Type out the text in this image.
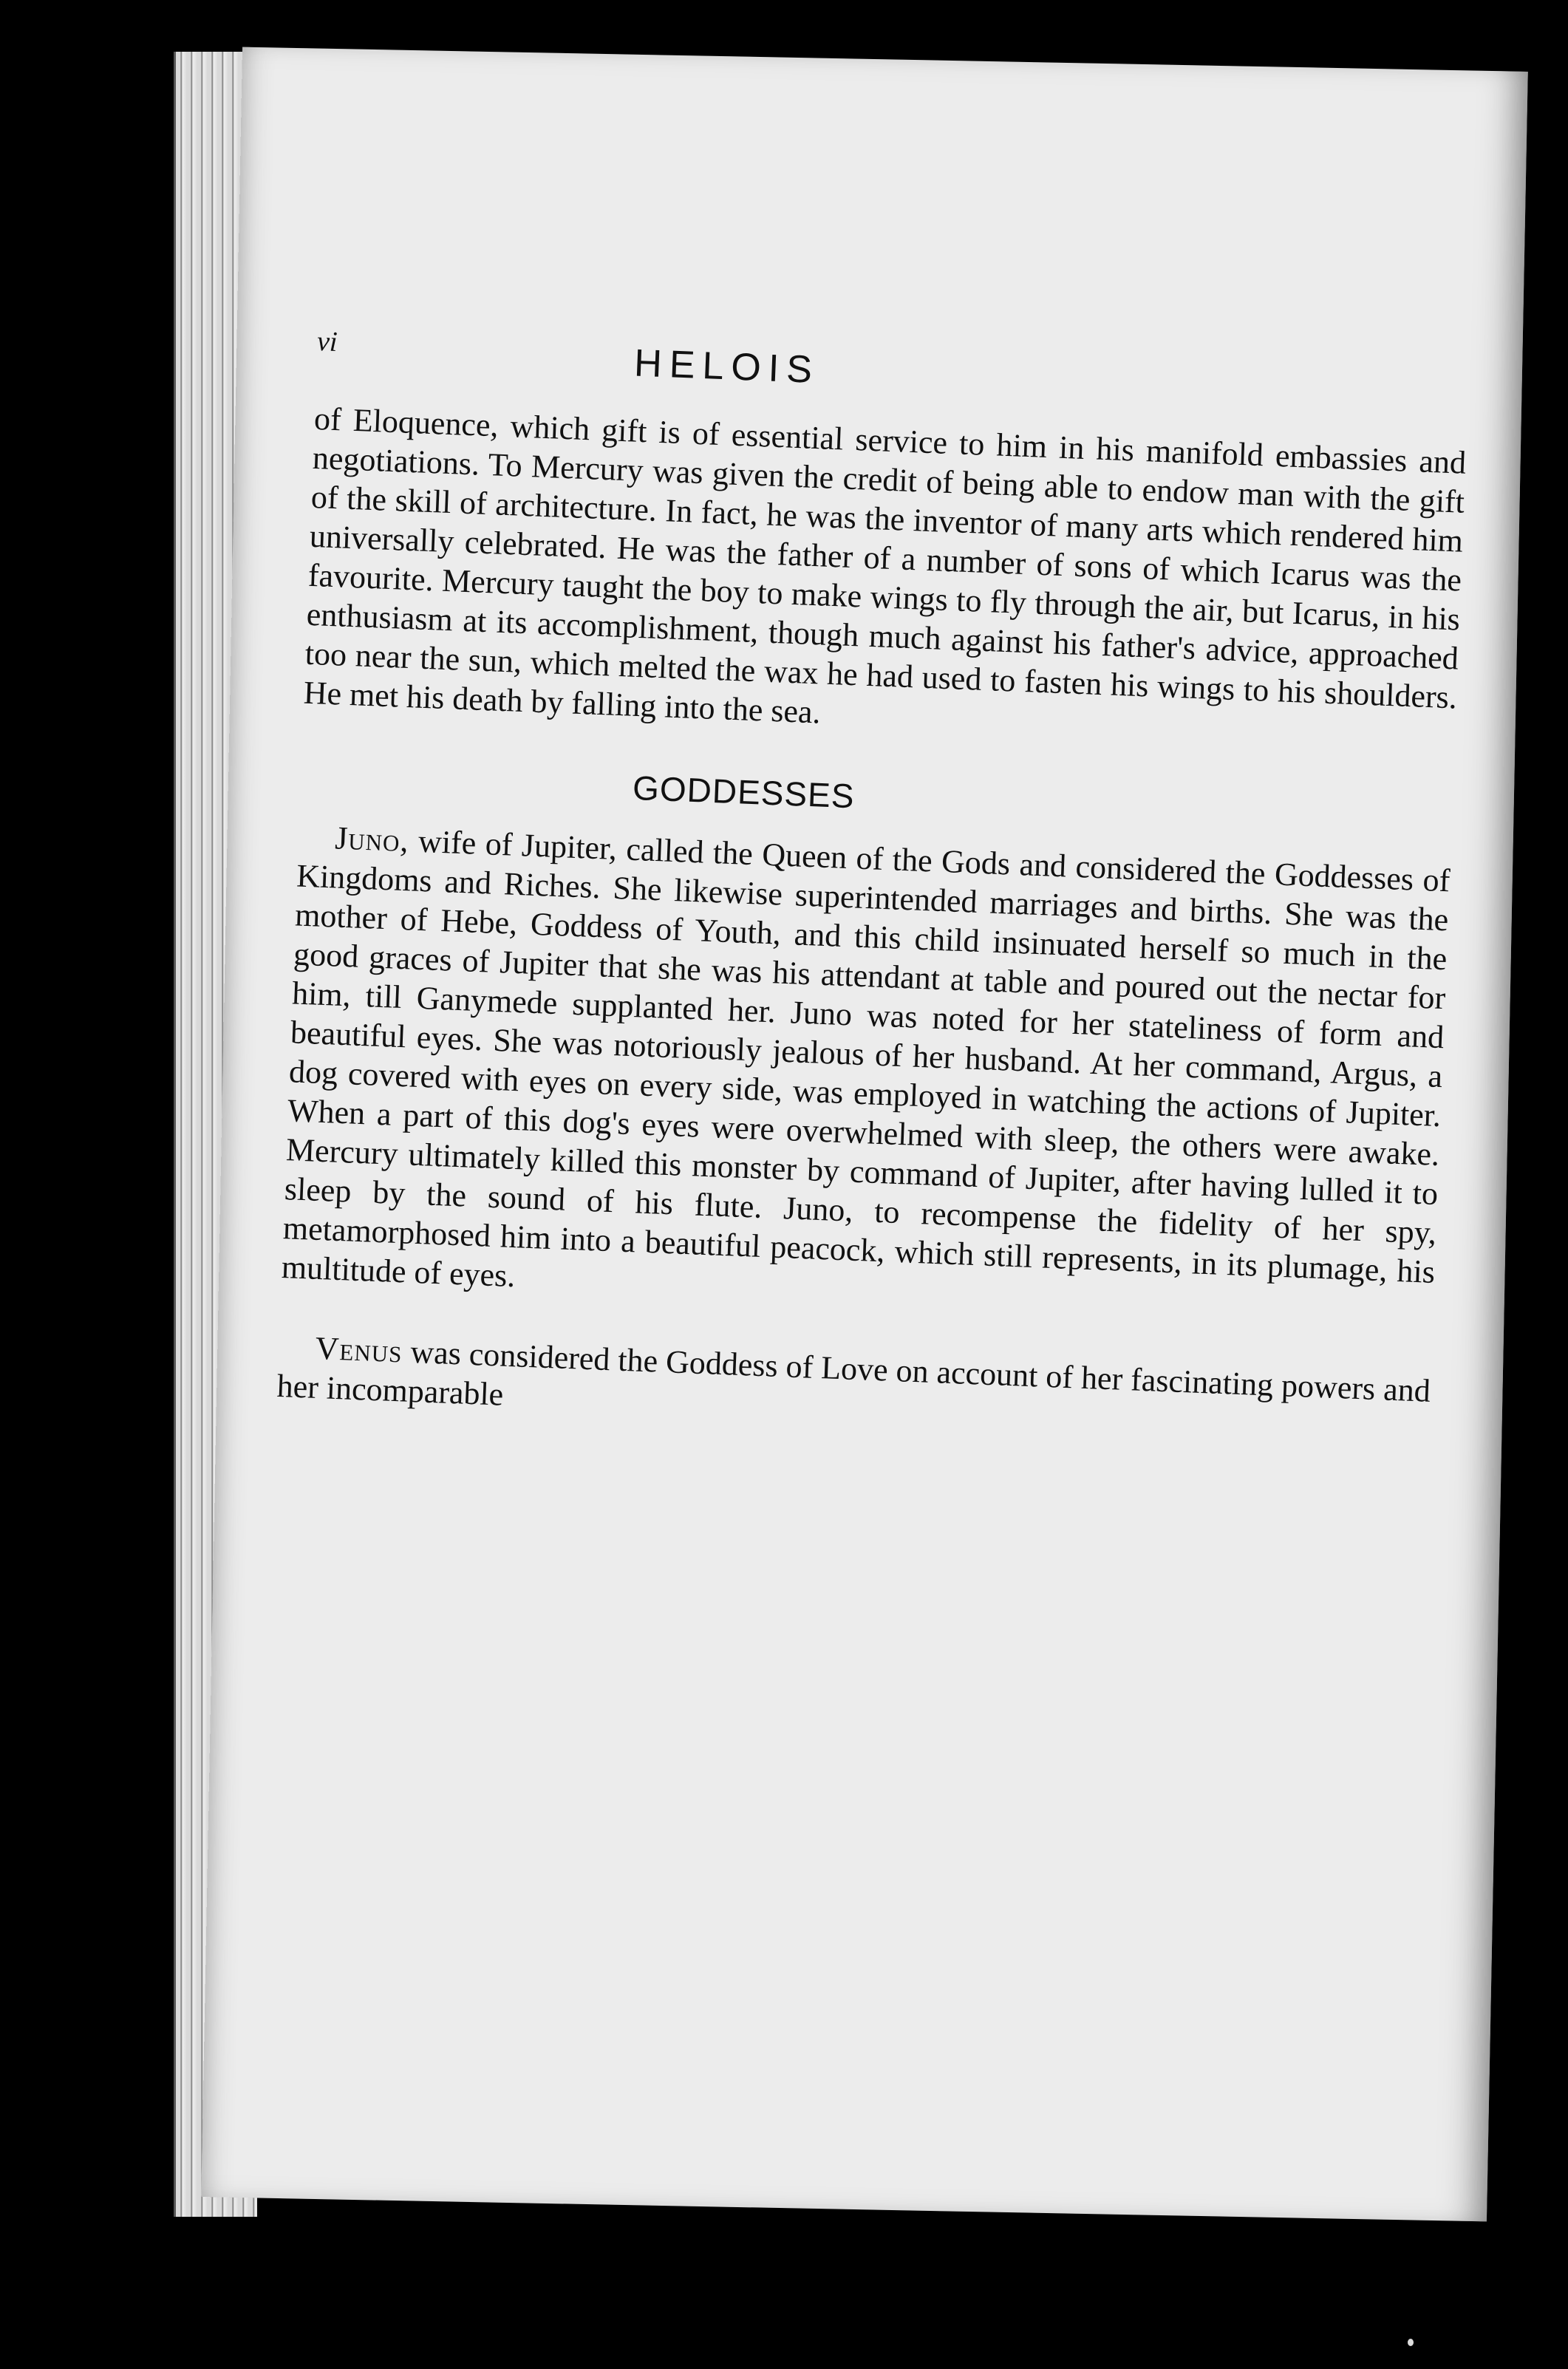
vi	HELOIS

of Eloquence, which gift is of essential service to him in his manifold embassies and negotiations. To Mercury was given the credit of being able to endow man with the gift of the skill of architecture. In fact, he was the inventor of many arts which rendered him universally celebrated. He was the father of a number of sons of which Icarus was the favourite. Mercury taught the boy to make wings to fly through the air, but Icarus, in his enthusiasm at its accomplishment, though much against his father's advice, approached too near the sun, which melted the wax he had used to fasten his wings to his shoulders. He met his death by falling into the sea.

GODDESSES

Juno, wife of Jupiter, called the Queen of the Gods and considered the Goddesses of Kingdoms and Riches. She likewise superintended marriages and births. She was the mother of Hebe, Goddess of Youth, and this child insinuated herself so much in the good graces of Jupiter that she was his attendant at table and poured out the nectar for him, till Ganymede supplanted her. Juno was noted for her stateliness of form and beautiful eyes. She was notoriously jealous of her husband. At her command, Argus, a dog covered with eyes on every side, was employed in watching the actions of Jupiter. When a part of this dog's eyes were overwhelmed with sleep, the others were awake. Mercury ultimately killed this monster by command of Jupiter, after having lulled it to sleep by the sound of his flute. Juno, to recompense the fidelity of her spy, metamorphosed him into a beautiful peacock, which still represents, in its plumage, his multitude of eyes.

Venus was considered the Goddess of Love on account of her fascinating powers and her incomparable
